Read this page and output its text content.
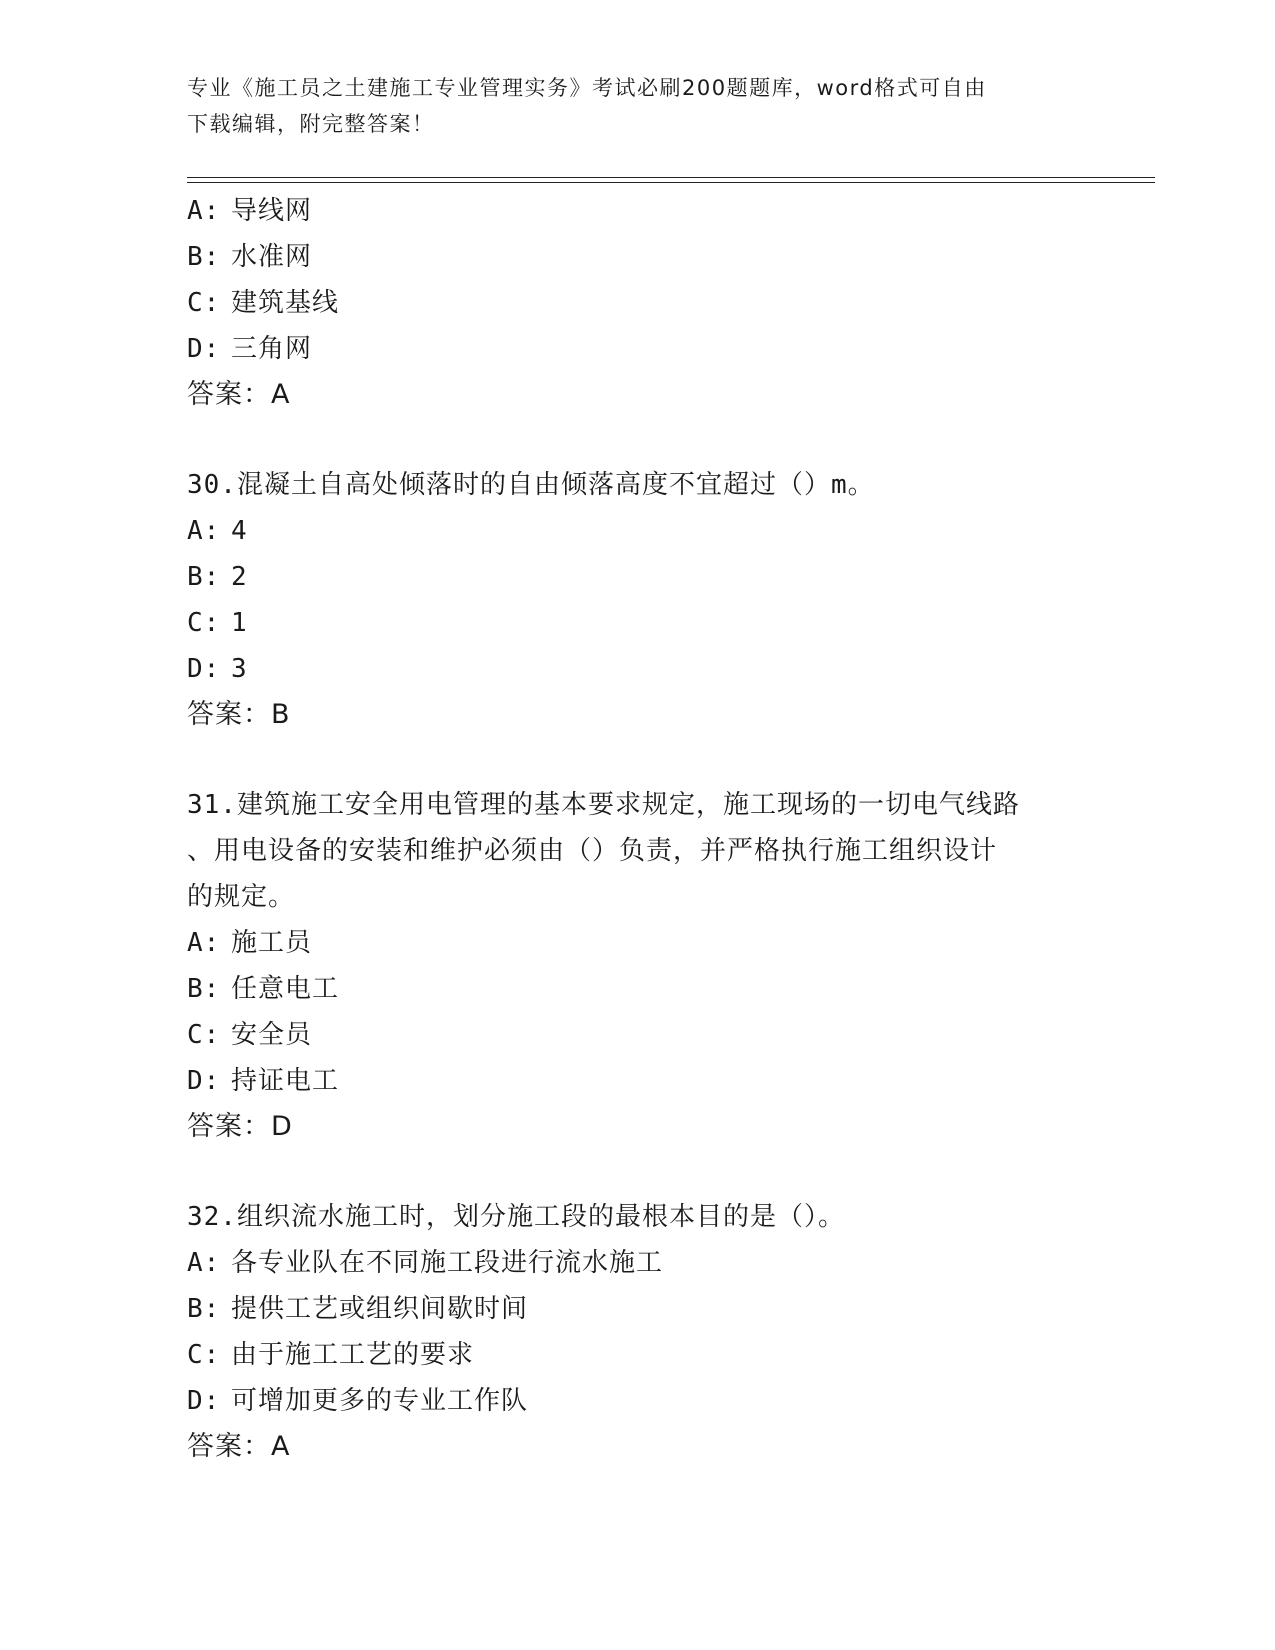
专业《施工员之土建施工专业管理实务》考试必刷200题题库，word格式可自由
下载编辑，附完整答案！
A: 导线网
B: 水准网
C: 建筑基线
D: 三角网
答案：A
30.混凝土自高处倾落时的自由倾落高度不宜超过（）m。
A: 4
B: 2
C: 1
D: 3
答案：B
31.建筑施工安全用电管理的基本要求规定，施工现场的一切电气线路
、用电设备的安装和维护必须由（）负责，并严格执行施工组织设计
的规定。
A: 施工员
B: 任意电工
C: 安全员
D: 持证电工
答案：D
32.组织流水施工时，划分施工段的最根本目的是（）。
A: 各专业队在不同施工段进行流水施工
B: 提供工艺或组织间歇时间
C: 由于施工工艺的要求
D: 可增加更多的专业工作队
答案：A
